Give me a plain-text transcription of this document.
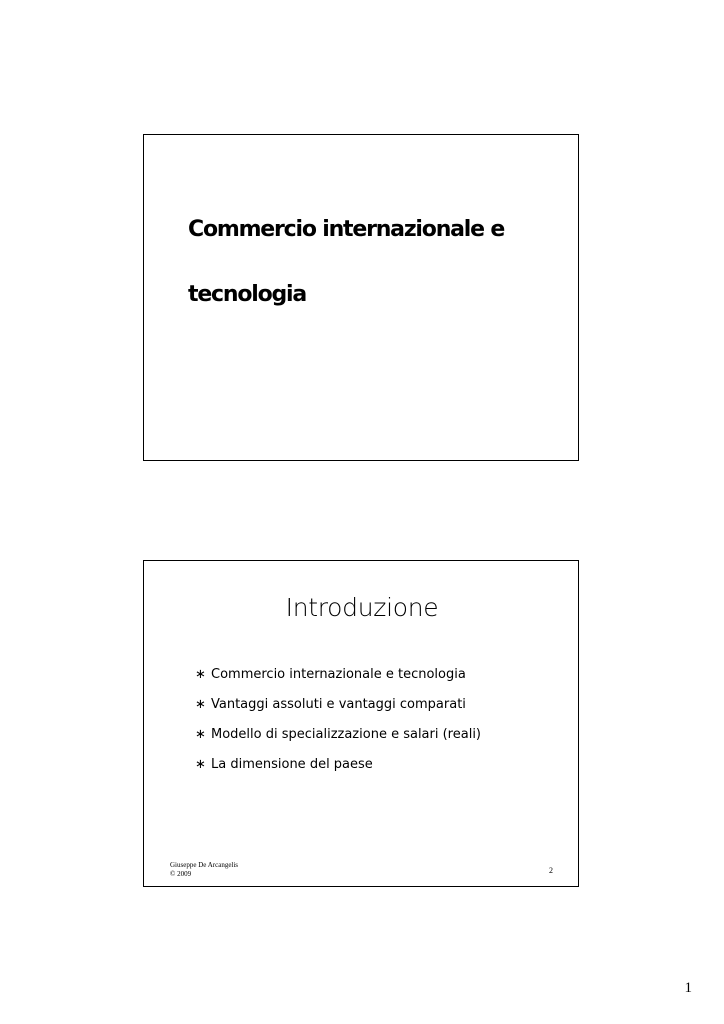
Commercio internazionale e

tecnologia

Introduzione
∗ Commercio internazionale e tecnologia
∗ Vantaggi assoluti e vantaggi comparati
∗ Modello di specializzazione e salari (reali)
∗ La dimensione del paese
Giuseppe De Arcangelis
© 2009	2
1
